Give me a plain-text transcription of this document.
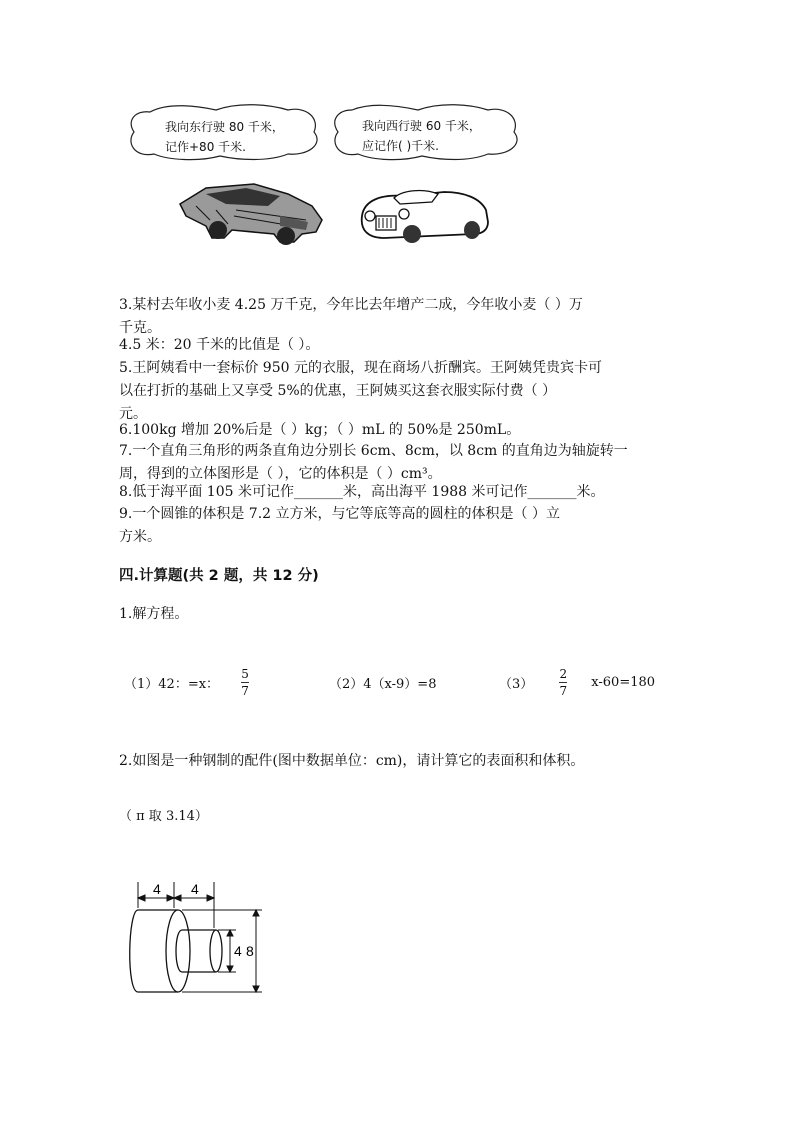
我向东行驶 80 千米，
记作+80 千米.
我向西行驶 60 千米，
应记作( )千米.
3.某村去年收小麦 4.25 万千克，今年比去年增产二成，今年收小麦（ ）万
千克。
4.5 米：20 千米的比值是（ ）。
5.王阿姨看中一套标价 950 元的衣服，现在商场八折酬宾。王阿姨凭贵宾卡可
以在打折的基础上又享受 5%的优惠，王阿姨买这套衣服实际付费（ ）
元。
6.100kg 增加 20%后是（ ）kg；（ ）mL 的 50%是 250mL。
7.一个直角三角形的两条直角边分别长 6cm、8cm，以 8cm 的直角边为轴旋转一
周，得到的立体图形是（ ），它的体积是（ ）cm³。
8.低于海平面 105 米可记作_______米，高出海平 1988 米可记作_______米。
9.一个圆锥的体积是 7.2 立方米，与它等底等高的圆柱的体积是（ ）立
方米。
四.计算题(共 2 题，共 12 分)
1.解方程。
（1）42：=x： $\frac{5}{7}$	（2）4（x-9）=8	$(3) \frac{2}{7} x-60=180$
2.如图是一种钢制的配件(图中数据单位：cm)，请计算它的表面积和体积。
（ π 取 3.14）
4 4
4 8
